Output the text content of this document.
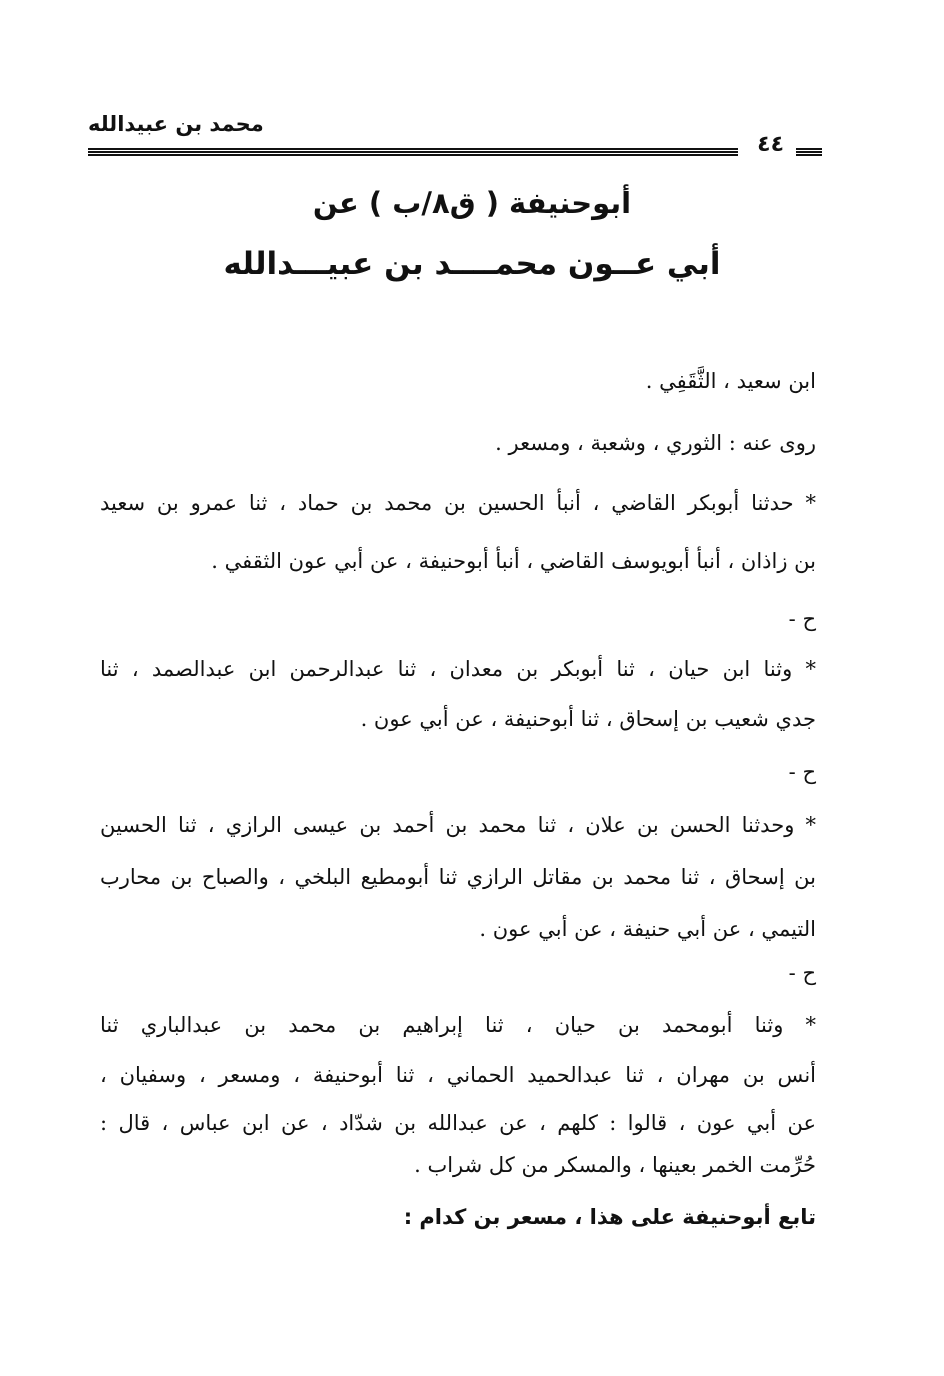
محمد بن عبيدالله
٤٤
أبوحنيفة ( ق٨/ب ) عن
أبي عــون محمــــد بن عبيـــدالله
ابن سعيد ، الثَّقَفِي .
روى عنه : الثوري ، وشعبة ، ومسعر .
* حدثنا أبوبكر القاضي ، أنبأ الحسين بن محمد بن حماد ، ثنا عمرو بن سعيد
بن زاذان ، أنبأ أبويوسف القاضي ، أنبأ أبوحنيفة ، عن أبي عون الثقفي .
ح -
* وثنا ابن حيان ، ثنا أبوبكر بن معدان ، ثنا عبدالرحمن ابن عبدالصمد ، ثنا
جدي شعيب بن إسحاق ، ثنا أبوحنيفة ، عن أبي عون .
ح -
* وحدثنا الحسن بن علان ، ثنا محمد بن أحمد بن عيسى الرازي ، ثنا الحسين
بن إسحاق ، ثنا محمد بن مقاتل الرازي ثنا أبومطيع البلخي ، والصباح بن محارب
التيمي ، عن أبي حنيفة ، عن أبي عون .
ح -
* وثنا أبومحمد بن حيان ، ثنا إبراهيم بن محمد بن عبدالباري ثنا
أنس بن مهران ، ثنا عبدالحميد الحماني ، ثنا أبوحنيفة ، ومسعر ، وسفيان ،
عن أبي عون ، قالوا : كلهم ، عن عبدالله بن شدّاد ، عن ابن عباس ، قال :
حُرِّمت الخمر بعينها ، والمسكر من كل شراب .
تابع أبوحنيفة على هذا ، مسعر بن كدام :
